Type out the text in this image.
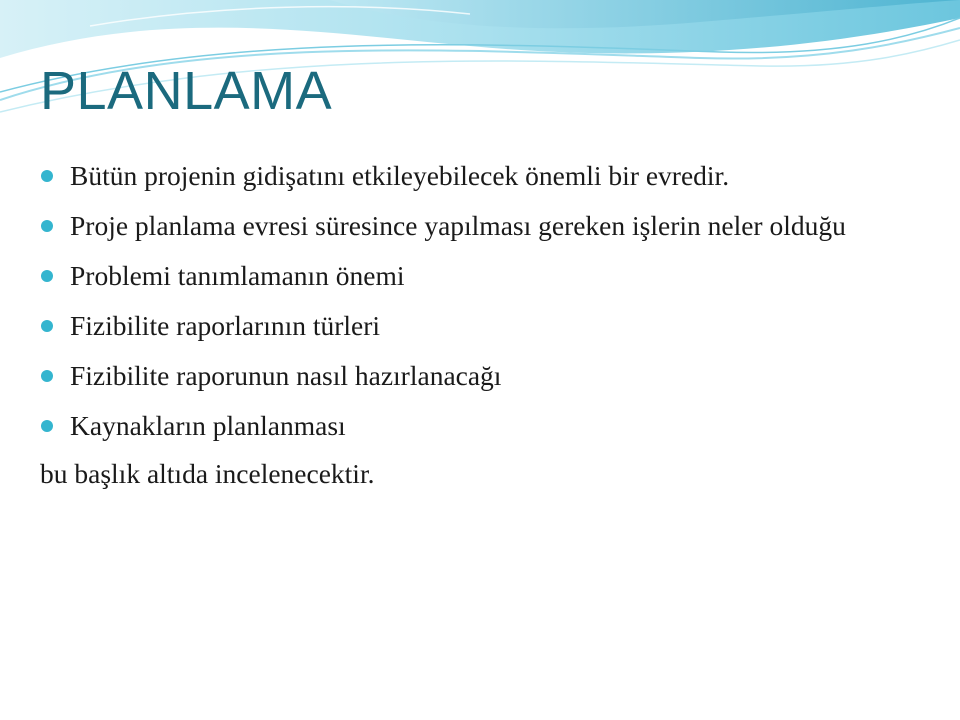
PLANLAMA
Bütün projenin gidişatını etkileyebilecek önemli bir evredir.
Proje planlama evresi süresince yapılması gereken işlerin neler olduğu
Problemi tanımlamanın önemi
Fizibilite raporlarının türleri
Fizibilite raporunun nasıl hazırlanacağı
Kaynakların planlanması

bu başlık altıda incelenecektir.
